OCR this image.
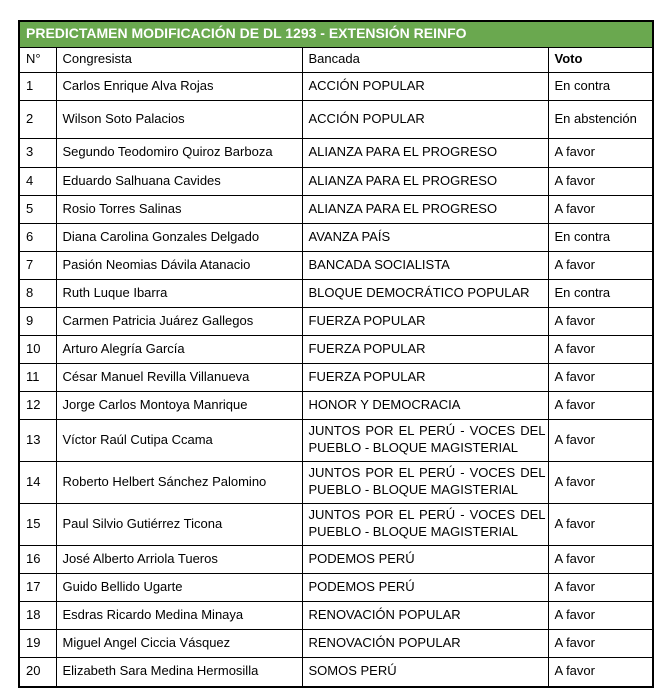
PREDICTAMEN MODIFICACIÓN DE DL 1293 - EXTENSIÓN REINFO			
N°	Congresista	Bancada	Voto
1	Carlos Enrique Alva Rojas	ACCIÓN POPULAR	En contra
2	Wilson Soto Palacios	ACCIÓN POPULAR	En abstención
3	Segundo Teodomiro Quiroz Barboza	ALIANZA PARA EL PROGRESO	A favor
4	Eduardo Salhuana Cavides	ALIANZA PARA EL PROGRESO	A favor
5	Rosio Torres Salinas	ALIANZA PARA EL PROGRESO	A favor
6	Diana Carolina Gonzales Delgado	AVANZA PAÍS	En contra
7	Pasión Neomias Dávila Atanacio	BANCADA SOCIALISTA	A favor
8	Ruth Luque Ibarra	BLOQUE DEMOCRÁTICO POPULAR	En contra
9	Carmen Patricia Juárez Gallegos	FUERZA POPULAR	A favor
10	Arturo Alegría García	FUERZA POPULAR	A favor
11	César Manuel Revilla Villanueva	FUERZA POPULAR	A favor
12	Jorge Carlos Montoya Manrique	HONOR Y DEMOCRACIA	A favor
13	Víctor Raúl Cutipa Ccama	JUNTOS POR EL PERÚ - VOCES DEL PUEBLO - BLOQUE MAGISTERIAL	A favor
14	Roberto Helbert Sánchez Palomino	JUNTOS POR EL PERÚ - VOCES DEL PUEBLO - BLOQUE MAGISTERIAL	A favor
15	Paul Silvio Gutiérrez Ticona	JUNTOS POR EL PERÚ - VOCES DEL PUEBLO - BLOQUE MAGISTERIAL	A favor
16	José Alberto Arriola Tueros	PODEMOS PERÚ	A favor
17	Guido Bellido Ugarte	PODEMOS PERÚ	A favor
18	Esdras Ricardo Medina Minaya	RENOVACIÓN POPULAR	A favor
19	Miguel Angel Ciccia Vásquez	RENOVACIÓN POPULAR	A favor
20	Elizabeth Sara Medina Hermosilla	SOMOS PERÚ	A favor
